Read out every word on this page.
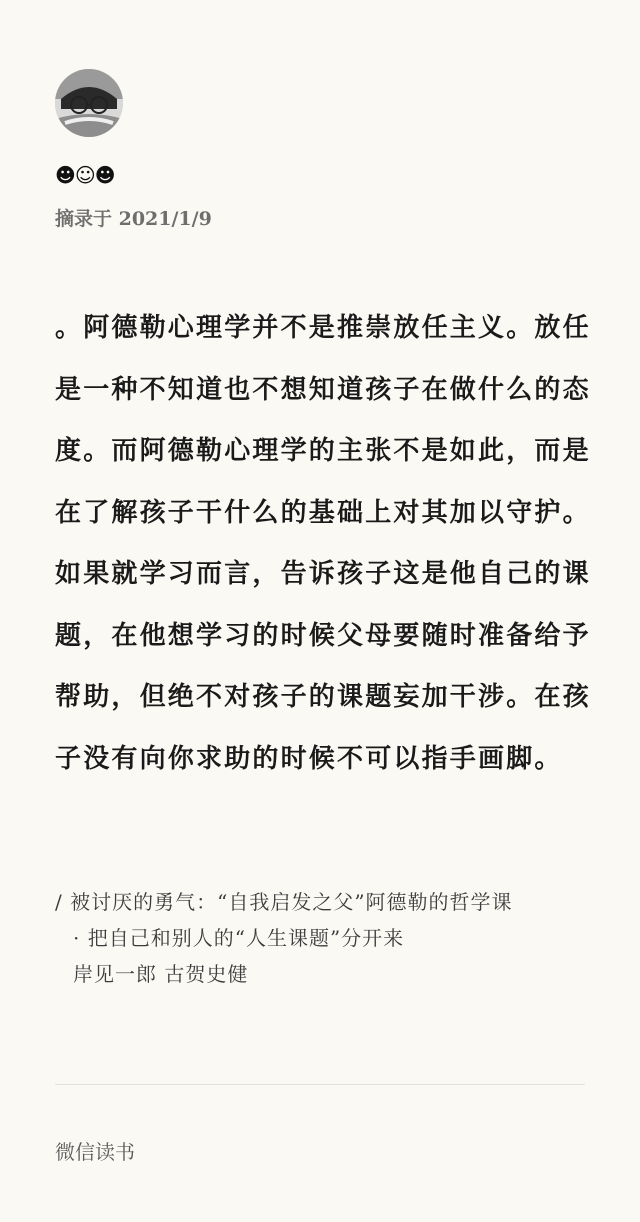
☻☺☻
摘录于 2021/1/9

。阿德勒心理学并不是推崇放任主义。放任是一种不知道也不想知道孩子在做什么的态度。而阿德勒心理学的主张不是如此，而是在了解孩子干什么的基础上对其加以守护。如果就学习而言，告诉孩子这是他自己的课题，在他想学习的时候父母要随时准备给予帮助，但绝不对孩子的课题妄加干涉。在孩子没有向你求助的时候不可以指手画脚。

/ 被讨厌的勇气：“自我启发之父”阿德勒的哲学课
· 把自己和别人的“人生课题”分开来
岸见一郎 古贺史健
微信读书
